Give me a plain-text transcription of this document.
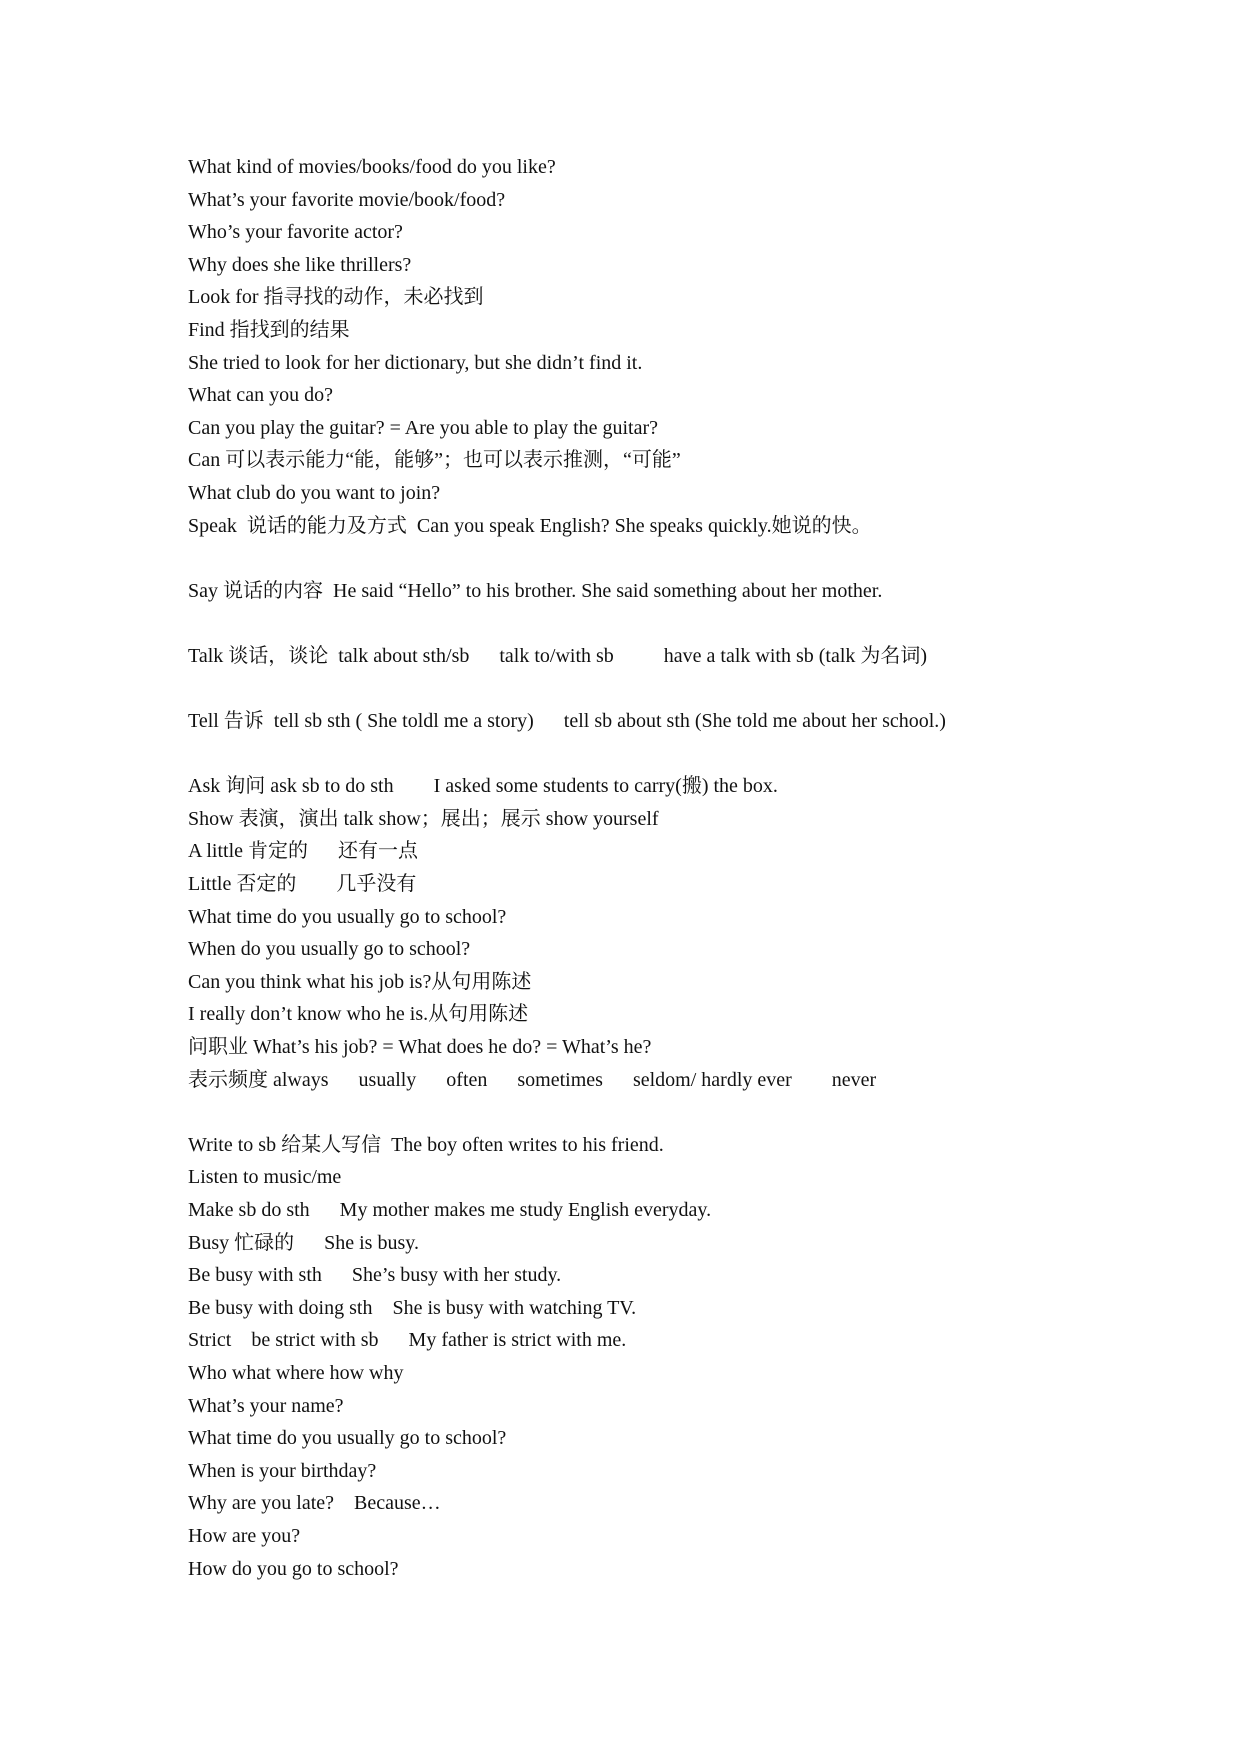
What kind of movies/books/food do you like?
What’s your favorite movie/book/food?
Who’s your favorite actor?
Why does she like thrillers?
Look for 指寻找的动作，未必找到
Find 指找到的结果
She tried to look for her dictionary, but she didn’t find it.
What can you do?
Can you play the guitar? = Are you able to play the guitar?
Can 可以表示能力“能，能够”；也可以表示推测，“可能”
What club do you want to join?
Speak  说话的能力及方式  Can you speak English? She speaks quickly.她说的快。
Say 说话的内容  He said “Hello” to his brother. She said something about her mother.
Talk 谈话，谈论  talk about sth/sb      talk to/with sb          have a talk with sb (talk 为名词)
Tell 告诉  tell sb sth ( She toldl me a story)      tell sb about sth (She told me about her school.)
Ask 询问 ask sb to do sth        I asked some students to carry(搬) the box.
Show 表演，演出 talk show；展出；展示 show yourself
A little 肯定的      还有一点
Little 否定的        几乎没有
What time do you usually go to school?
When do you usually go to school?
Can you think what his job is?从句用陈述
I really don’t know who he is.从句用陈述
问职业 What’s his job? = What does he do? = What’s he?
表示频度 always      usually      often      sometimes      seldom/ hardly ever        never
Write to sb 给某人写信  The boy often writes to his friend.
Listen to music/me
Make sb do sth      My mother makes me study English everyday.
Busy 忙碌的      She is busy.
Be busy with sth      She’s busy with her study.
Be busy with doing sth    She is busy with watching TV.
Strict    be strict with sb      My father is strict with me.
Who what where how why
What’s your name?
What time do you usually go to school?
When is your birthday?
Why are you late?    Because…
How are you?
How do you go to school?
